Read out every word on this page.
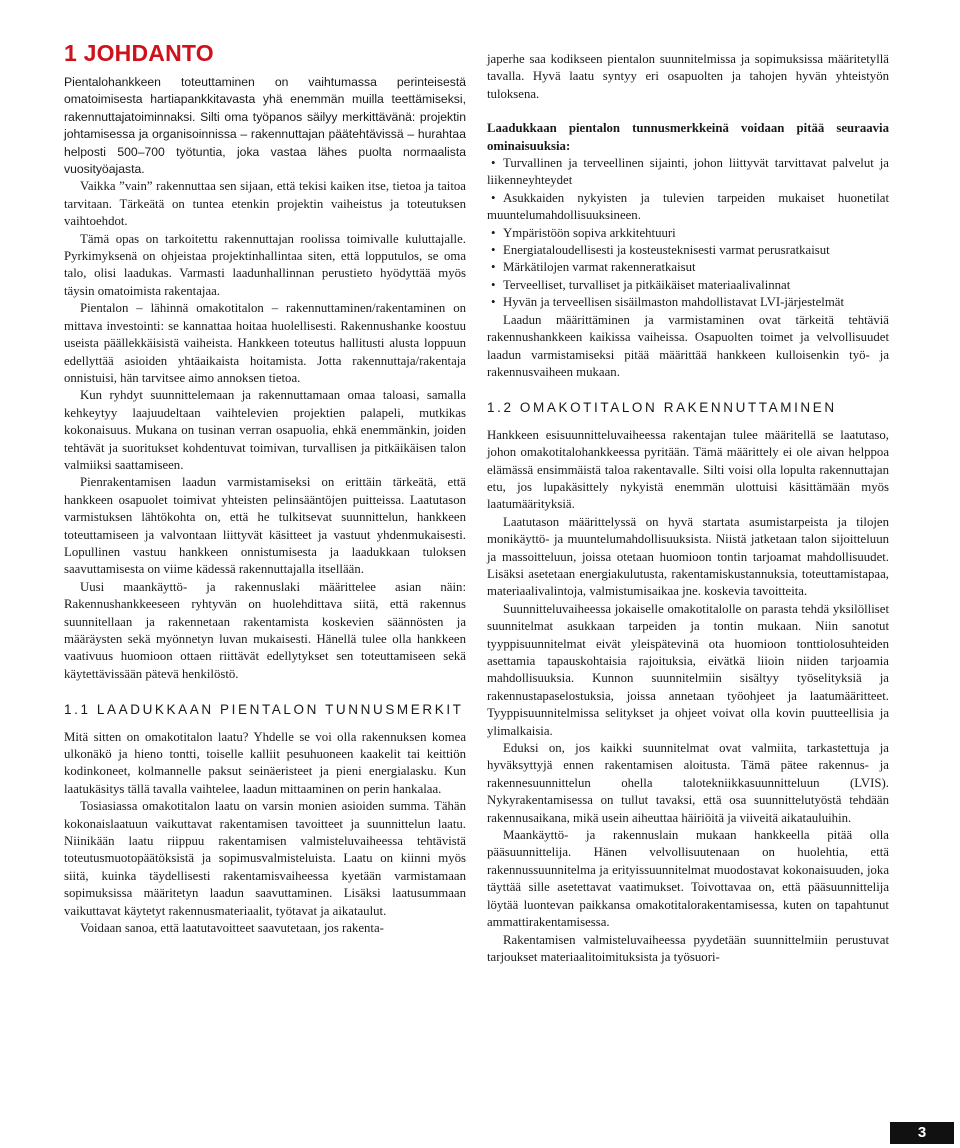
1 JOHDANTO

Pientalohankkeen toteuttaminen on vaihtumassa perinteisestä omatoimisesta hartiapankkitavasta yhä enemmän muilla teettämiseksi, rakennuttajatoiminnaksi. Silti oma työpanos säilyy merkittävänä: projektin johtamisessa ja organisoinnissa – rakennuttajan päätehtävissä – hurahtaa helposti 500–700 työtuntia, joka vastaa lähes puolta normaalista vuosityöajasta.

Vaikka ”vain” rakennuttaa sen sijaan, että tekisi kaiken itse, tietoa ja taitoa tarvitaan. Tärkeätä on tuntea etenkin projektin vaiheistus ja toteutuksen vaihtoehdot.

Tämä opas on tarkoitettu rakennuttajan roolissa toimivalle kuluttajalle. Pyrkimyksenä on ohjeistaa projektinhallintaa siten, että lopputulos, se oma talo, olisi laadukas. Varmasti laadunhallinnan perustieto hyödyttää myös täysin omatoimista rakentajaa.

Pientalon – lähinnä omakotitalon – rakennuttaminen/rakentaminen on mittava investointi: se kannattaa hoitaa huolellisesti. Rakennushanke koostuu useista päällekkäisistä vaiheista. Hankkeen toteutus hallitusti alusta loppuun edellyttää asioiden yhtäaikaista hoitamista. Jotta rakennuttaja/rakentaja onnistuisi, hän tarvitsee aimo annoksen tietoa.

Kun ryhdyt suunnittelemaan ja rakennuttamaan omaa taloasi, samalla kehkeytyy laajuudeltaan vaihtelevien projektien palapeli, mutkikas kokonaisuus. Mukana on tusinan verran osapuolia, ehkä enemmänkin, joiden tehtävät ja suoritukset kohdentuvat toimivan, turvallisen ja pitkäikäisen talon valmiiksi saattamiseen.

Pienrakentamisen laadun varmistamiseksi on erittäin tärkeätä, että hankkeen osapuolet toimivat yhteisten pelinsääntöjen puitteissa. Laatutason varmistuksen lähtökohta on, että he tulkitsevat suunnittelun, hankkeen toteuttamiseen ja valvontaan liittyvät käsitteet ja vastuut yhdenmukaisesti. Lopullinen vastuu hankkeen onnistumisesta ja laadukkaan tuloksen saavuttamisesta on viime kädessä rakennuttajalla itsellään.

Uusi maankäyttö- ja rakennuslaki määrittelee asian näin: Rakennushankkeeseen ryhtyvän on huolehdittava siitä, että rakennus suunnitellaan ja rakennetaan rakentamista koskevien säännösten ja määräysten sekä myönnetyn luvan mukaisesti. Hänellä tulee olla hankkeen vaativuus huomioon ottaen riittävät edellytykset sen toteuttamiseen sekä käytettävissään pätevä henkilöstö.

1.1 LAADUKKAAN PIENTALON TUNNUSMERKIT

Mitä sitten on omakotitalon laatu? Yhdelle se voi olla rakennuksen komea ulkonäkö ja hieno tontti, toiselle kalliit pesuhuoneen kaakelit tai keittiön kodinkoneet, kolmannelle paksut seinäeristeet ja pieni energialasku. Kun laatukäsitys tällä tavalla vaihtelee, laadun mittaaminen on perin hankalaa.

Tosiasiassa omakotitalon laatu on varsin monien asioiden summa. Tähän kokonaislaatuun vaikuttavat rakentamisen tavoitteet ja suunnittelun laatu. Niinikään laatu riippuu rakentamisen valmisteluvaiheessa tehtävistä toteutusmuotopäätöksistä ja sopimusvalmisteluista. Laatu on kiinni myös siitä, kuinka täydellisesti rakentamisvaiheessa kyetään varmistamaan sopimuksissa määritetyn laadun saavuttaminen. Lisäksi laatusummaan vaikuttavat käytetyt rakennusmateriaalit, työtavat ja aikataulut.

Voidaan sanoa, että laatutavoitteet saavutetaan, jos rakenta-

japerhe saa kodikseen pientalon suunnitelmissa ja sopimuksissa määritetyllä tavalla. Hyvä laatu syntyy eri osapuolten ja tahojen hyvän yhteistyön tuloksena.

Laadukkaan pientalon tunnusmerkkeinä voidaan pitää seuraavia ominaisuuksia:

• Turvallinen ja terveellinen sijainti, johon liittyvät tarvittavat palvelut ja liikenneyhteydet
• Asukkaiden nykyisten ja tulevien tarpeiden mukaiset huonetilat muuntelumahdollisuuksineen.
• Ympäristöön sopiva arkkitehtuuri
• Energiataloudellisesti ja kosteusteknisesti varmat perusratkaisut
• Märkätilojen varmat rakenneratkaisut
• Terveelliset, turvalliset ja pitkäikäiset materiaalivalinnat
• Hyvän ja terveellisen sisäilmaston mahdollistavat LVI-järjestelmät

Laadun määrittäminen ja varmistaminen ovat tärkeitä tehtäviä rakennushankkeen kaikissa vaiheissa. Osapuolten toimet ja velvollisuudet laadun varmistamiseksi pitää määrittää hankkeen kulloisenkin työ- ja rakennusvaiheen mukaan.

1.2 OMAKOTITALON RAKENNUTTAMINEN

Hankkeen esisuunnitteluvaiheessa rakentajan tulee määritellä se laatutaso, johon omakotitalohankkeessa pyritään. Tämä määrittely ei ole aivan helppoa elämässä ensimmäistä taloa rakentavalle. Silti voisi olla lopulta rakennuttajan etu, jos lupakäsittely nykyistä enemmän ulottuisi käsittämään myös laatumäärityksiä.

Laatutason määrittelyssä on hyvä startata asumistarpeista ja tilojen monikäyttö- ja muuntelumahdollisuuksista. Niistä jatketaan talon sijoitteluun ja massoitteluun, joissa otetaan huomioon tontin tarjoamat mahdollisuudet. Lisäksi asetetaan energiakulutusta, rakentamiskustannuksia, toteuttamistapaa, materiaalivalintoja, valmistumisaikaa jne. koskevia tavoitteita.

Suunnitteluvaiheessa jokaiselle omakotitalolle on parasta tehdä yksilölliset suunnitelmat asukkaan tarpeiden ja tontin mukaan. Niin sanotut tyyppisuunnitelmat eivät yleispätevinä ota huomioon tonttiolosuhteiden asettamia tapauskohtaisia rajoituksia, eivätkä liioin niiden tarjoamia mahdollisuuksia. Kunnon suunnitelmiin sisältyy työselityksiä ja rakennustapaselostuksia, joissa annetaan työohjeet ja laatumääritteet. Tyyppisuunnitelmissa selitykset ja ohjeet voivat olla kovin puutteellisia ja ylimalkaisia.

Eduksi on, jos kaikki suunnitelmat ovat valmiita, tarkastettuja ja hyväksyttyjä ennen rakentamisen aloitusta. Tämä pätee rakennus- ja rakennesuunnittelun ohella talotekniikkasuunnitteluun (LVIS). Nykyrakentamisessa on tullut tavaksi, että osa suunnittelutyöstä tehdään rakennusaikana, mikä usein aiheuttaa häiriöitä ja viiveitä aikatauluihin.

Maankäyttö- ja rakennuslain mukaan hankkeella pitää olla pääsuunnittelija. Hänen velvollisuutenaan on huolehtia, että rakennussuunnitelma ja erityissuunnitelmat muodostavat kokonaisuuden, joka täyttää sille asetettavat vaatimukset. Toivottavaa on, että pääsuunnittelija löytää luontevan paikkansa omakotitalorakentamisessa, kuten on tapahtunut ammattirakentamisessa.

Rakentamisen valmisteluvaiheessa pyydetään suunnittelmiin perustuvat tarjoukset materiaalitoimituksista ja työsuori-

3
